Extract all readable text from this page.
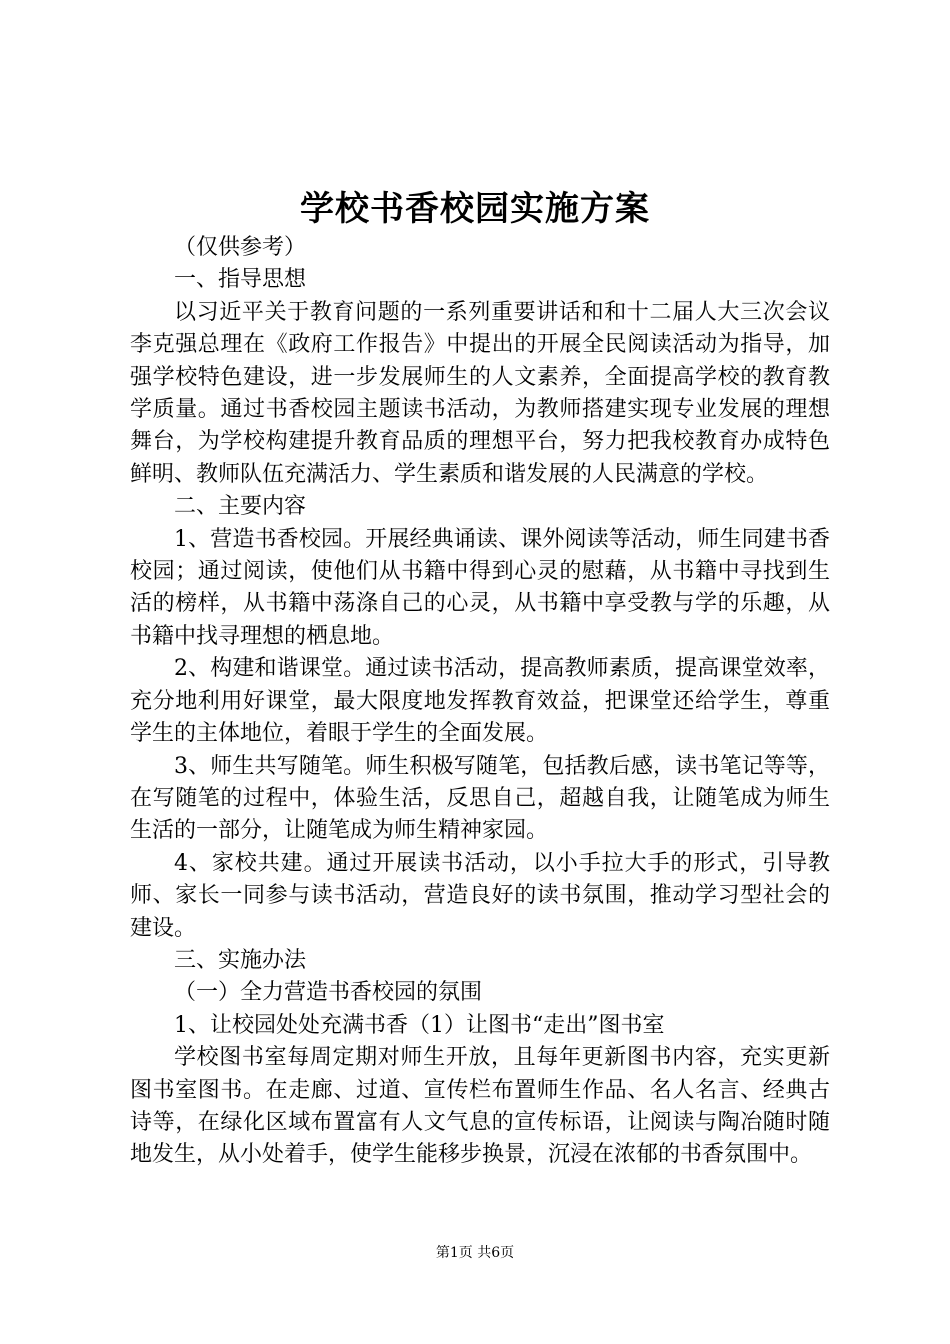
学校书香校园实施方案

（仅供参考）

一、指导思想

以习近平关于教育问题的一系列重要讲话和和十二届人大三次会议李克强总理在《政府工作报告》中提出的开展全民阅读活动为指导，加强学校特色建设，进一步发展师生的人文素养，全面提高学校的教育教学质量。通过书香校园主题读书活动，为教师搭建实现专业发展的理想舞台，为学校构建提升教育品质的理想平台，努力把我校教育办成特色鲜明、教师队伍充满活力、学生素质和谐发展的人民满意的学校。

二、主要内容

1、营造书香校园。开展经典诵读、课外阅读等活动，师生同建书香校园；通过阅读，使他们从书籍中得到心灵的慰藉，从书籍中寻找到生活的榜样，从书籍中荡涤自己的心灵，从书籍中享受教与学的乐趣，从书籍中找寻理想的栖息地。

2、构建和谐课堂。通过读书活动，提高教师素质，提高课堂效率，充分地利用好课堂，最大限度地发挥教育效益，把课堂还给学生，尊重学生的主体地位，着眼于学生的全面发展。

3、师生共写随笔。师生积极写随笔，包括教后感，读书笔记等等，在写随笔的过程中，体验生活，反思自己，超越自我，让随笔成为师生生活的一部分，让随笔成为师生精神家园。

4、家校共建。通过开展读书活动，以小手拉大手的形式，引导教师、家长一同参与读书活动，营造良好的读书氛围，推动学习型社会的建设。

三、实施办法

（一）全力营造书香校园的氛围

1、让校园处处充满书香（1）让图书“走出”图书室

学校图书室每周定期对师生开放，且每年更新图书内容，充实更新图书室图书。在走廊、过道、宣传栏布置师生作品、名人名言、经典古诗等，在绿化区域布置富有人文气息的宣传标语，让阅读与陶冶随时随地发生，从小处着手，使学生能移步换景，沉浸在浓郁的书香氛围中。

第1页 共6页
